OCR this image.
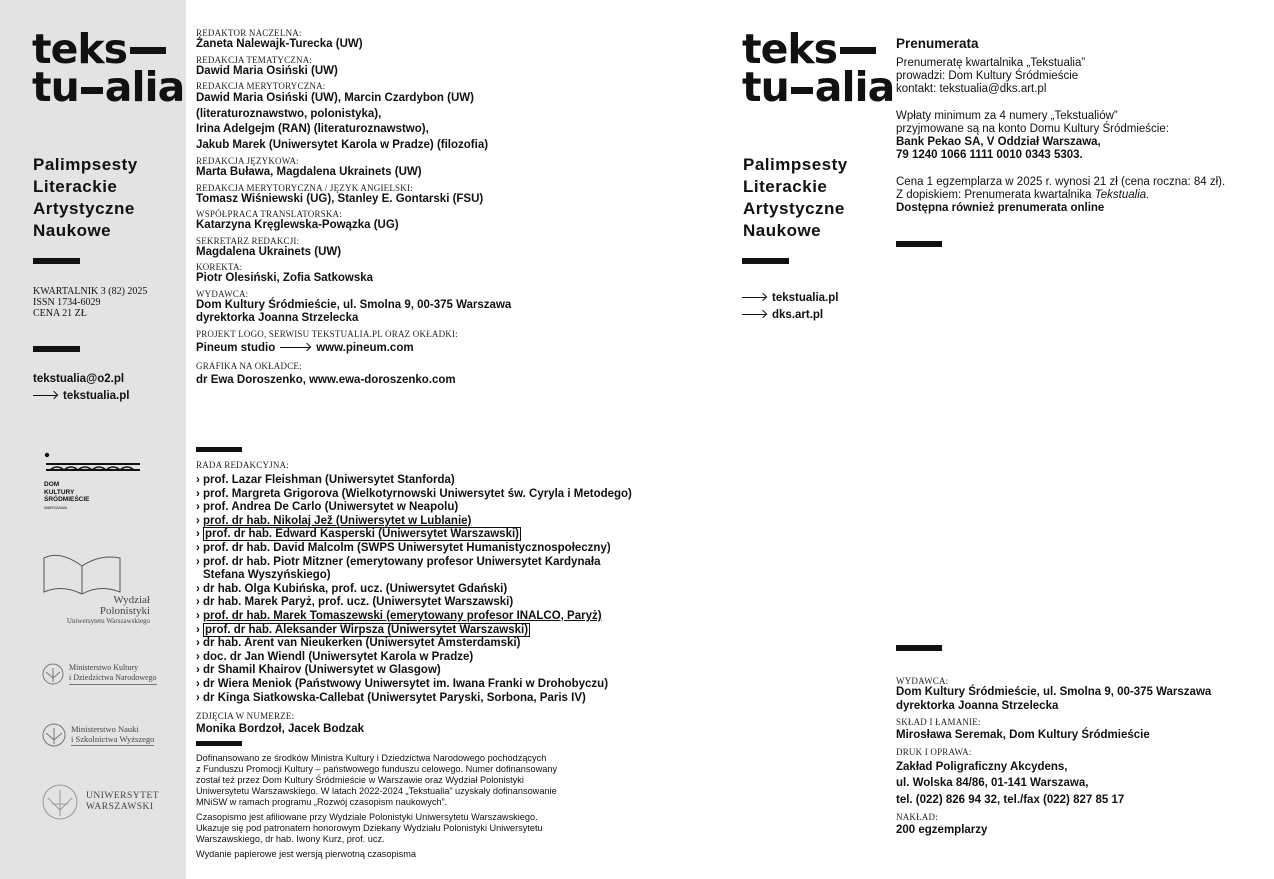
teks
tu alia
Palimpsesty
Literackie
Artystyczne
Naukowe
KWARTALNIK 3 (82) 2025
ISSN 1734-6029
CENA 21 ZŁ
tekstualia@o2.pl
tekstualia.pl
DOM
KULTURY
ŚRÓDMIEŚCIE
WARSZAWA
Wydział
Polonistyki
Uniwersytetu Warszawskiego
Ministerstwo Kultury
i Dziedzictwa Narodowego
Ministerstwo Nauki
i Szkolnictwa Wyższego
UNIWERSYTET
WARSZAWSKI
REDAKTOR NACZELNA:
Żaneta Nalewajk-Turecka (UW)
REDAKCJA TEMATYCZNA:
Dawid Maria Osiński (UW)
REDAKCJA MERYTORYCZNA:
Dawid Maria Osiński (UW), Marcin Czardybon (UW)
(literaturoznawstwo, polonistyka),
Irina Adelgejm (RAN) (literaturoznawstwo),
Jakub Marek (Uniwersytet Karola w Pradze) (filozofia)
REDAKCJA JĘZYKOWA:
Marta Buława, Magdalena Ukrainets (UW)
REDAKCJA MERYTORYCZNA / JĘZYK ANGIELSKI:
Tomasz Wiśniewski (UG), Stanley E. Gontarski (FSU)
WSPÓŁPRACA TRANSLATORSKA:
Katarzyna Kręglewska-Powązka (UG)
SEKRETARZ REDAKCJI:
Magdalena Ukrainets (UW)
KOREKTA:
Piotr Olesiński, Zofia Satkowska
WYDAWCA:
Dom Kultury Śródmieście, ul. Smolna 9, 00-375 Warszawa
dyrektorka Joanna Strzelecka
PROJEKT LOGO, SERWISU TEKSTUALIA.PL ORAZ OKŁADKI:
Pineum studio	www.pineum.com
GRAFIKA NA OKŁADCE:
dr Ewa Doroszenko, www.ewa-doroszenko.com
RADA REDAKCYJNA:
› prof. Lazar Fleishman (Uniwersytet Stanforda)
› prof. Margreta Grigorova (Wielkotyrnowski Uniwersytet św. Cyryla i Metodego)
› prof. Andrea De Carlo (Uniwersytet w Neapolu)
› prof. dr hab. Nikolaj Jež (Uniwersytet w Lublanie)
› prof. dr hab. Edward Kasperski (Uniwersytet Warszawski)
› prof. dr hab. David Malcolm (SWPS Uniwersytet Humanistycznospołeczny)
› prof. dr hab. Piotr Mitzner (emerytowany profesor Uniwersytet Kardynała
Stefana Wyszyńskiego)
› dr hab. Olga Kubińska, prof. ucz. (Uniwersytet Gdański)
› dr hab. Marek Paryż, prof. ucz. (Uniwersytet Warszawski)
› prof. dr hab. Marek Tomaszewski (emerytowany profesor INALCO, Paryż)
› prof. dr hab. Aleksander Wirpsza (Uniwersytet Warszawski)
› dr hab. Arent van Nieukerken (Uniwersytet Amsterdamski)
› doc. dr Jan Wiendl (Uniwersytet Karola w Pradze)
› dr Shamil Khairov (Uniwersytet w Glasgow)
› dr Wiera Meniok (Państwowy Uniwersytet im. Iwana Franki w Drohobyczu)
› dr Kinga Siatkowska-Callebat (Uniwersytet Paryski, Sorbona, Paris IV)
ZDJĘCIA W NUMERZE:
Monika Bordzoł, Jacek Bodzak
Dofinansowano ze środków Ministra Kultury i Dziedzictwa Narodowego pochodzących
z Funduszu Promocji Kultury – państwowego funduszu celowego. Numer dofinansowany
został też przez Dom Kultury Śródmieście w Warszawie oraz Wydział Polonistyki
Uniwersytetu Warszawskiego. W latach 2022-2024 „Tekstualia” uzyskały dofinansowanie
MNiSW w ramach programu „Rozwój czasopism naukowych”.
Czasopismo jest afiliowane przy Wydziale Polonistyki Uniwersytetu Warszawskiego.
Ukazuje się pod patronatem honorowym Dziekany Wydziału Polonistyki Uniwersytetu
Warszawskiego, dr hab. Iwony Kurz, prof. ucz.
Wydanie papierowe jest wersją pierwotną czasopisma
teks
tu alia
Palimpsesty
Literackie
Artystyczne
Naukowe
tekstualia.pl
dks.art.pl
Prenumerata
Prenumeratę kwartalnika „Tekstualia”
prowadzi: Dom Kultury Śródmieście
kontakt: tekstualia@dks.art.pl
Wpłaty minimum za 4 numery „Tekstualiów”
przyjmowane są na konto Domu Kultury Śródmieście:
Bank Pekao SA, V Oddział Warszawa,
79 1240 1066 1111 0010 0343 5303.
Cena 1 egzemplarza w 2025 r. wynosi 21 zł (cena roczna: 84 zł).
Z dopiskiem: Prenumerata kwartalnika Tekstualia.
Dostępna również prenumerata online
WYDAWCA:
Dom Kultury Śródmieście, ul. Smolna 9, 00-375 Warszawa
dyrektorka Joanna Strzelecka
SKŁAD I ŁAMANIE:
Mirosława Seremak, Dom Kultury Śródmieście
DRUK I OPRAWA:
Zakład Poligraficzny Akcydens,
ul. Wolska 84/86, 01-141 Warszawa,
tel. (022) 826 94 32, tel./fax (022) 827 85 17
NAKŁAD:
200 egzemplarzy
